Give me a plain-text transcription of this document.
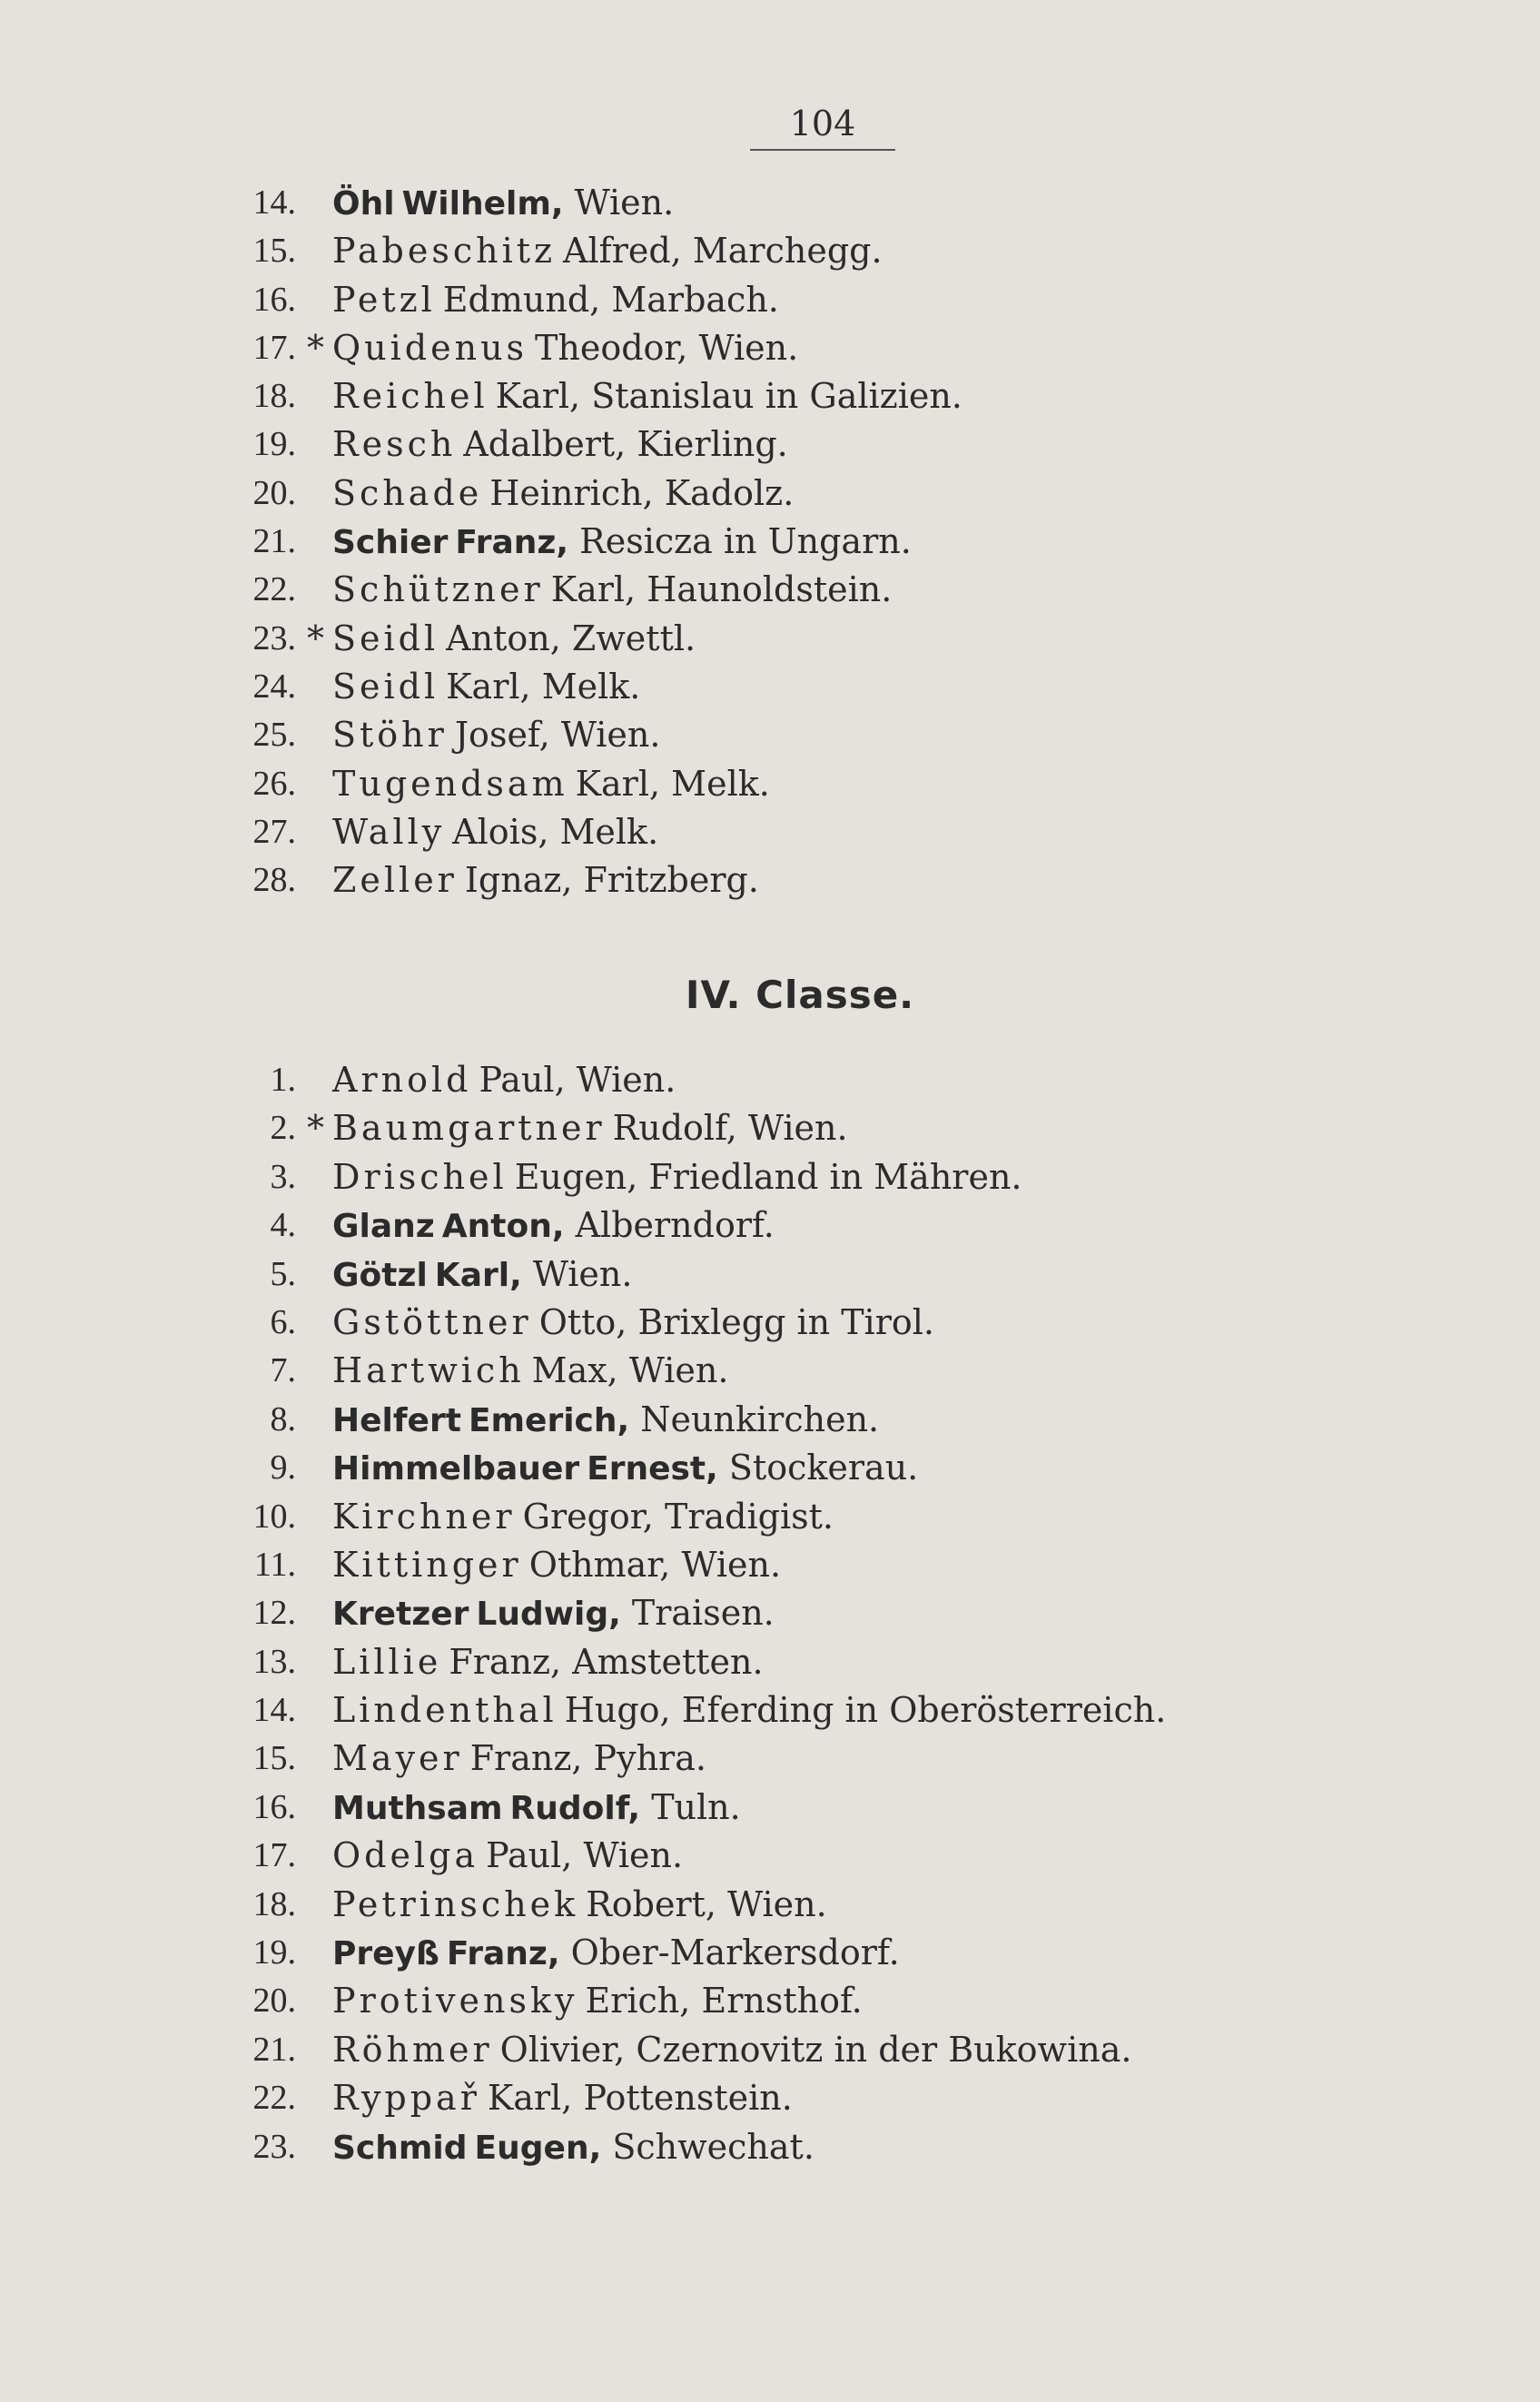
104
14. Öhl Wilhelm, Wien.
15. Pabeschitz Alfred, Marchegg.
16. Petzl Edmund, Marbach.
17. * Quidenus Theodor, Wien.
18. Reichel Karl, Stanislau in Galizien.
19. Resch Adalbert, Kierling.
20. Schade Heinrich, Kadolz.
21. Schier Franz, Resicza in Ungarn.
22. Schützner Karl, Haunoldstein.
23. * Seidl Anton, Zwettl.
24. Seidl Karl, Melk.
25. Stöhr Josef, Wien.
26. Tugendsam Karl, Melk.
27. Wally Alois, Melk.
28. Zeller Ignaz, Fritzberg.
IV. Classe.
1. Arnold Paul, Wien.
2. * Baumgartner Rudolf, Wien.
3. Drischel Eugen, Friedland in Mähren.
4. Glanz Anton, Alberndorf.
5. Götzl Karl, Wien.
6. Gstöttner Otto, Brixlegg in Tirol.
7. Hartwich Max, Wien.
8. Helfert Emerich, Neunkirchen.
9. Himmelbauer Ernest, Stockerau.
10. Kirchner Gregor, Tradigist.
11. Kittinger Othmar, Wien.
12. Kretzer Ludwig, Traisen.
13. Lillie Franz, Amstetten.
14. Lindenthal Hugo, Eferding in Oberösterreich.
15. Mayer Franz, Pyhra.
16. Muthsam Rudolf, Tuln.
17. Odelga Paul, Wien.
18. Petrinschek Robert, Wien.
19. Preyß Franz, Ober-Markersdorf.
20. Protivensky Erich, Ernsthof.
21. Röhmer Olivier, Czernovitz in der Bukowina.
22. Ryppař Karl, Pottenstein.
23. Schmid Eugen, Schwechat.
